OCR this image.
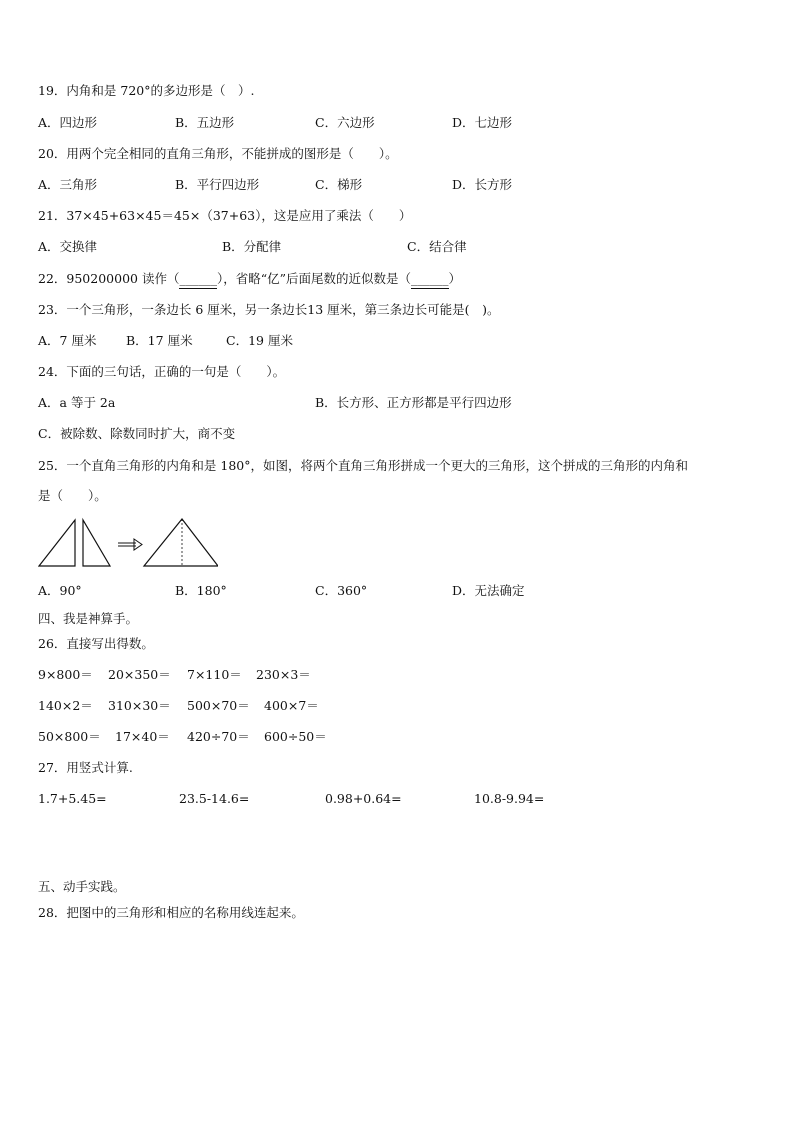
19．内角和是 720°的多边形是（　）.

A．四边形	B．五边形	C．六边形	D．七边形

20．用两个完全相同的直角三角形，不能拼成的图形是（　　）。

A．三角形	B．平行四边形	C．梯形	D．长方形

21．37×45+63×45＝45×（37+63），这是应用了乘法（　　）

A．交换律	B．分配律	C．结合律

22．950200000 读作（______），省略“亿”后面尾数的近似数是（______）

23．一个三角形，一条边长 6 厘米，另一条边长13 厘米，第三条边长可能是(　)。

A．7 厘米 B．17 厘米	C．19 厘米

24．下面的三句话，正确的一句是（　　）。

A．a 等于 2a	B．长方形、正方形都是平行四边形

C．被除数、除数同时扩大，商不变

25．一个直角三角形的内角和是 180°，如图，将两个直角三角形拼成一个更大的三角形，这个拼成的三角形的内角和

是（　　）。

A．90°	B．180°	C．360°	D．无法确定

四、我是神算手。

26．直接写出得数。

9×800＝ 20×350＝ 7×110＝ 230×3＝
140×2＝ 310×30＝ 500×70＝ 400×7＝
50×800＝ 17×40＝ 420÷70＝ 600÷50＝

27．用竖式计算.

1.7+5.45=	23.5-14.6=	0.98+0.64=	10.8-9.94=

五、动手实践。

28．把图中的三角形和相应的名称用线连起来。
